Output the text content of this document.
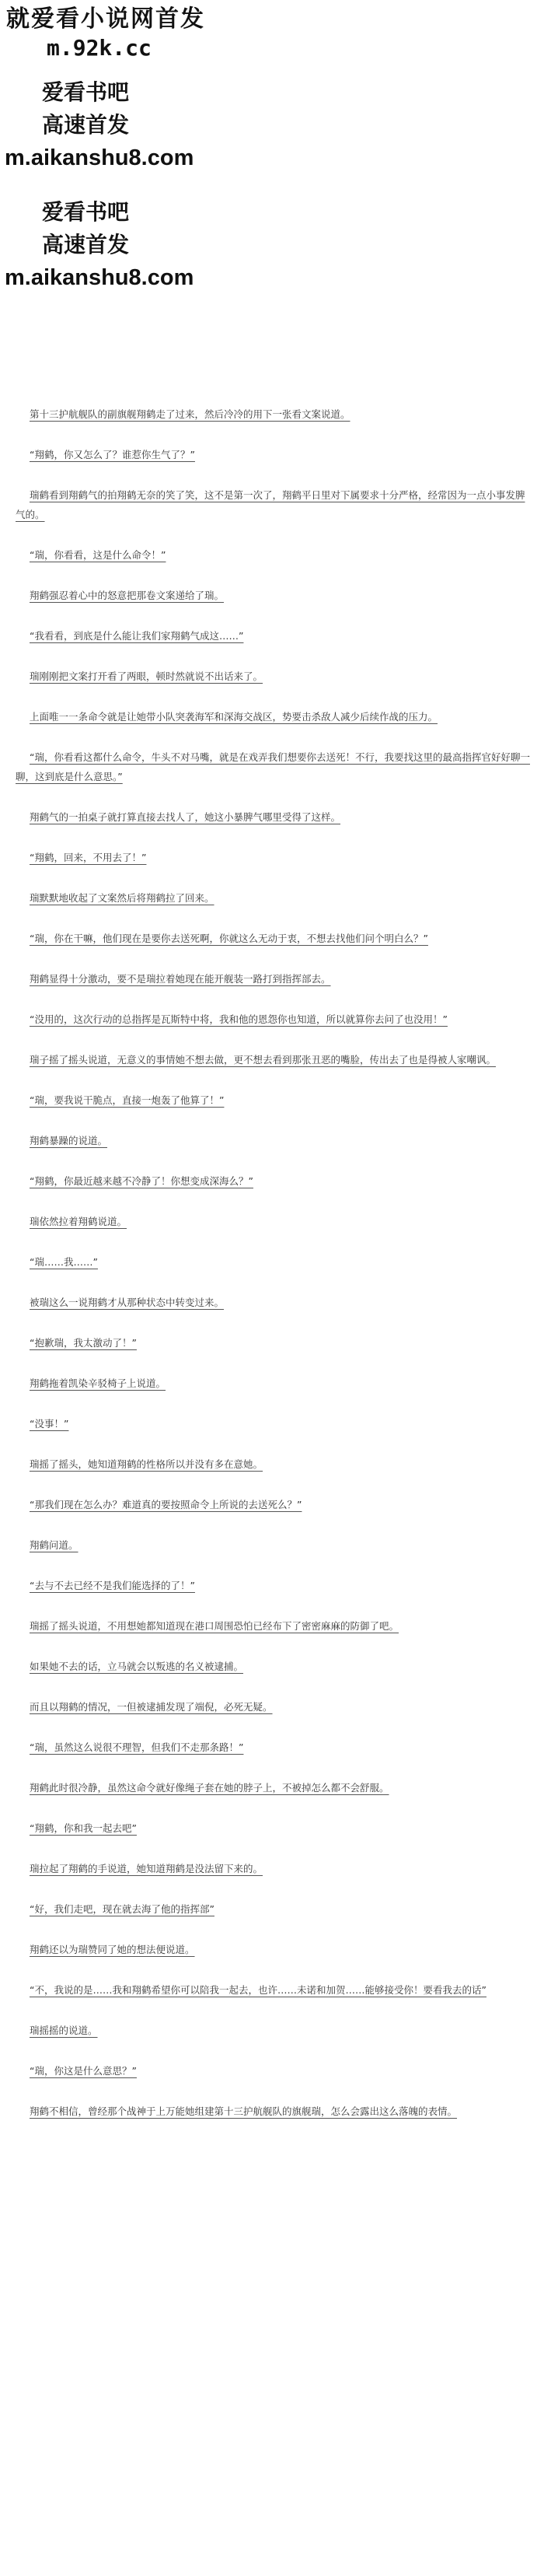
就爱看小说网首发

m.92k.cc

爱看书吧

高速首发

m.aikanshu8.com

爱看书吧

高速首发

m.aikanshu8.com

第十三护航舰队的副旗舰翔鹤走了过来，然后冷冷的用下一张看文案说道。

“翔鹤，你又怎么了？谁惹你生气了？”

瑞鹤看到翔鹤气的拍翔鹤无奈的笑了笑，这不是第一次了，翔鹤平日里对下属要求十分严格，经常因为一点小事发脾气的。

“瑞，你看看，这是什么命令！”

翔鹤强忍着心中的怒意把那卷文案递给了瑞。

“我看看，到底是什么能让我们家翔鹤气成这……”

瑞刚刚把文案打开看了两眼，顿时然就说不出话来了。

上面唯一一条命令就是让她带小队突袭海军和深海交战区，势要击杀敌人减少后续作战的压力。

“瑞，你看看这都什么命令，牛头不对马嘴，就是在戏弄我们想要你去送死！不行，我要找这里的最高指挥官好好聊一聊，这到底是什么意思。”

翔鹤气的一拍桌子就打算直接去找人了，她这小暴脾气哪里受得了这样。

“翔鹤，回来，不用去了！”

瑞默默地收起了文案然后将翔鹤拉了回来。

“瑞，你在干嘛，他们现在是要你去送死啊，你就这么无动于衷，不想去找他们问个明白么？”

翔鹤显得十分激动，要不是瑞拉着她现在能开舰装一路打到指挥部去。

“没用的，这次行动的总指挥是瓦斯特中将，我和他的恩怨你也知道，所以就算你去问了也没用！”

瑞子摇了摇头说道，无意义的事情她不想去做，更不想去看到那张丑恶的嘴脸，传出去了也是得被人家嘲讽。

“瑞，要我说干脆点，直接一炮轰了他算了！”

翔鹤暴躁的说道。

“翔鹤，你最近越来越不冷静了！你想变成深海么？”

瑞依然拉着翔鹤说道。

“瑞……我……”

被瑞这么一说翔鹤才从那种状态中转变过来。

“抱歉瑞，我太激动了！”

翔鹤拖着凯染辛驳椅子上说道。

“没事！”

瑞摇了摇头，她知道翔鹤的性格所以并没有多在意她。

“那我们现在怎么办？难道真的要按照命令上所说的去送死么？”

翔鹤问道。

“去与不去已经不是我们能选择的了！”

瑞摇了摇头说道，不用想她都知道现在港口周围恐怕已经布下了密密麻麻的防御了吧。

如果她不去的话，立马就会以叛逃的名义被逮捕。

而且以翔鹤的情况，一但被逮捕发现了端倪，必死无疑。

“瑞，虽然这么说很不理智，但我们不走那条路！”

翔鹤此时很冷静，虽然这命令就好像绳子套在她的脖子上，不被掉怎么都不会舒服。

“翔鹤，你和我一起去吧”

瑞拉起了翔鹤的手说道，她知道翔鹤是没法留下来的。

“好，我们走吧，现在就去海了他的指挥部”

翔鹤还以为瑞赞同了她的想法便说道。

“不，我说的是……我和翔鹤希望你可以陪我一起去，也许……未诺和加贺……能够接受你！要看我去的话”

瑞摇摇的说道。

“瑞，你这是什么意思？”

翔鹤不相信，曾经那个战神于上万能她组建第十三护航舰队的旗舰瑞，怎么会露出这么落魄的表情。
